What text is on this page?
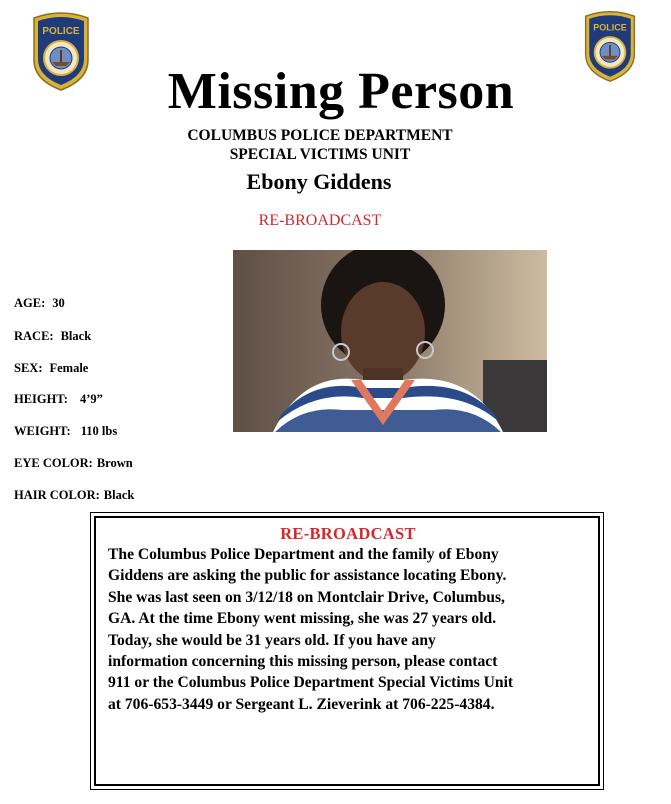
POLICE	POLICE
Missing Person
COLUMBUS POLICE DEPARTMENT
SPECIAL VICTIMS UNIT
Ebony Giddens
RE-BROADCAST
AGE: 30
RACE: Black
SEX: Female
HEIGHT: 4’9”
WEIGHT: 110 lbs
EYE COLOR: Brown
HAIR COLOR: Black
RE-BROADCAST
The Columbus Police Department and the family of Ebony
Giddens are asking the public for assistance locating Ebony.
She was last seen on 3/12/18 on Montclair Drive, Columbus,
GA. At the time Ebony went missing, she was 27 years old.
Today, she would be 31 years old. If you have any
information concerning this missing person, please contact
911 or the Columbus Police Department Special Victims Unit
at 706-653-3449 or Sergeant L. Zieverink at 706-225-4384.
